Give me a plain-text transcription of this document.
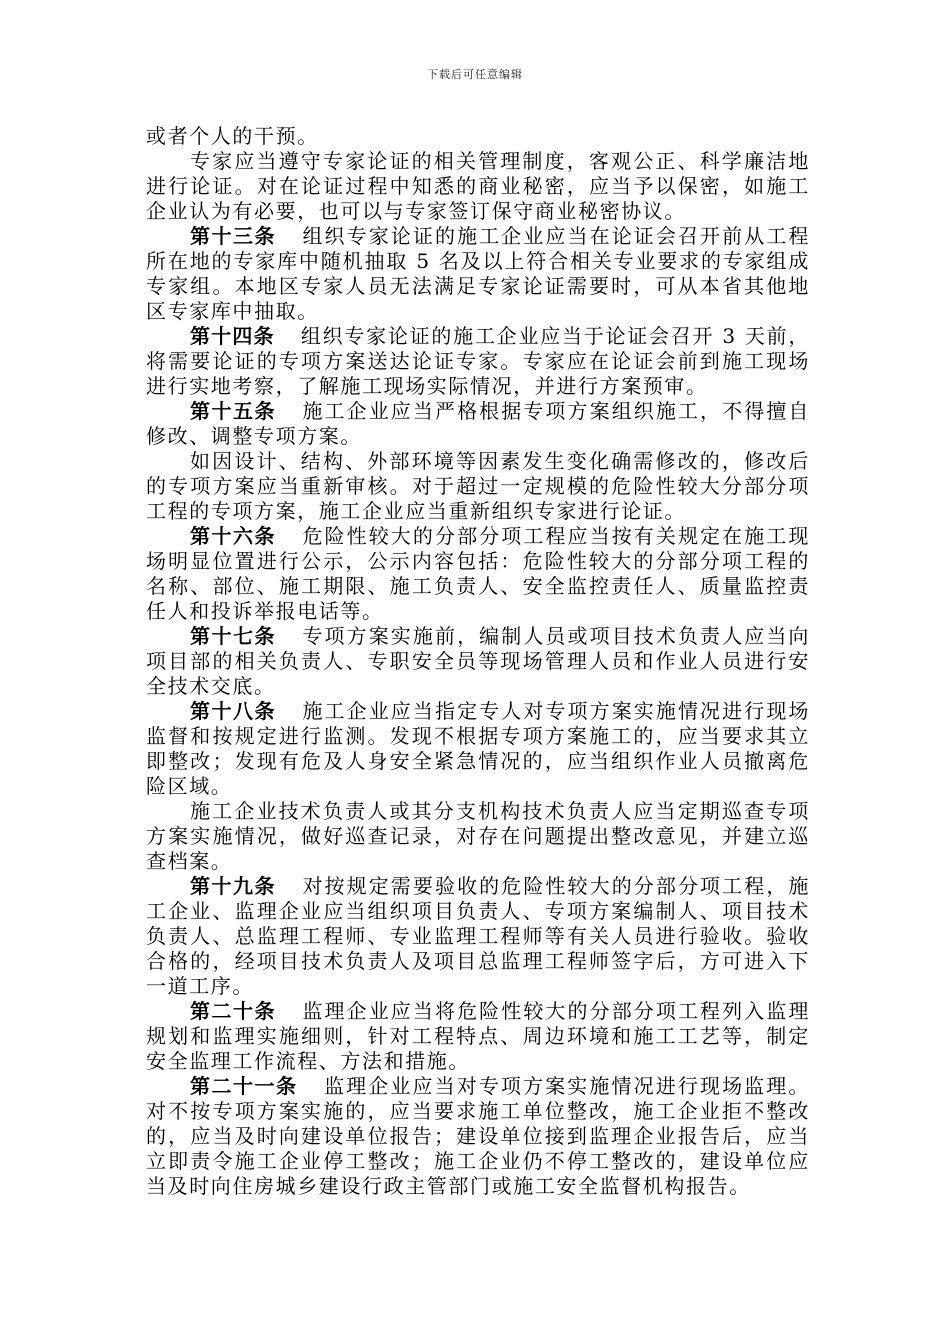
下载后可任意编辑

或者个人的干预。

专家应当遵守专家论证的相关管理制度，客观公正、科学廉洁地进行论证。对在论证过程中知悉的商业秘密，应当予以保密，如施工企业认为有必要，也可以与专家签订保守商业秘密协议。

第十三条 组织专家论证的施工企业应当在论证会召开前从工程所在地的专家库中随机抽取 5 名及以上符合相关专业要求的专家组成专家组。本地区专家人员无法满足专家论证需要时，可从本省其他地区专家库中抽取。

第十四条 组织专家论证的施工企业应当于论证会召开 3 天前，将需要论证的专项方案送达论证专家。专家应在论证会前到施工现场进行实地考察，了解施工现场实际情况，并进行方案预审。

第十五条 施工企业应当严格根据专项方案组织施工，不得擅自修改、调整专项方案。

如因设计、结构、外部环境等因素发生变化确需修改的，修改后的专项方案应当重新审核。对于超过一定规模的危险性较大分部分项工程的专项方案，施工企业应当重新组织专家进行论证。

第十六条 危险性较大的分部分项工程应当按有关规定在施工现场明显位置进行公示，公示内容包括：危险性较大的分部分项工程的名称、部位、施工期限、施工负责人、安全监控责任人、质量监控责任人和投诉举报电话等。

第十七条 专项方案实施前，编制人员或项目技术负责人应当向项目部的相关负责人、专职安全员等现场管理人员和作业人员进行安全技术交底。

第十八条 施工企业应当指定专人对专项方案实施情况进行现场监督和按规定进行监测。发现不根据专项方案施工的，应当要求其立即整改；发现有危及人身安全紧急情况的，应当组织作业人员撤离危险区域。

施工企业技术负责人或其分支机构技术负责人应当定期巡查专项方案实施情况，做好巡查记录，对存在问题提出整改意见，并建立巡查档案。

第十九条 对按规定需要验收的危险性较大的分部分项工程，施工企业、监理企业应当组织项目负责人、专项方案编制人、项目技术负责人、总监理工程师、专业监理工程师等有关人员进行验收。验收合格的，经项目技术负责人及项目总监理工程师签字后，方可进入下一道工序。

第二十条 监理企业应当将危险性较大的分部分项工程列入监理规划和监理实施细则，针对工程特点、周边环境和施工工艺等，制定安全监理工作流程、方法和措施。

第二十一条 监理企业应当对专项方案实施情况进行现场监理。对不按专项方案实施的，应当要求施工单位整改，施工企业拒不整改的，应当及时向建设单位报告；建设单位接到监理企业报告后，应当立即责令施工企业停工整改；施工企业仍不停工整改的，建设单位应当及时向住房城乡建设行政主管部门或施工安全监督机构报告。
